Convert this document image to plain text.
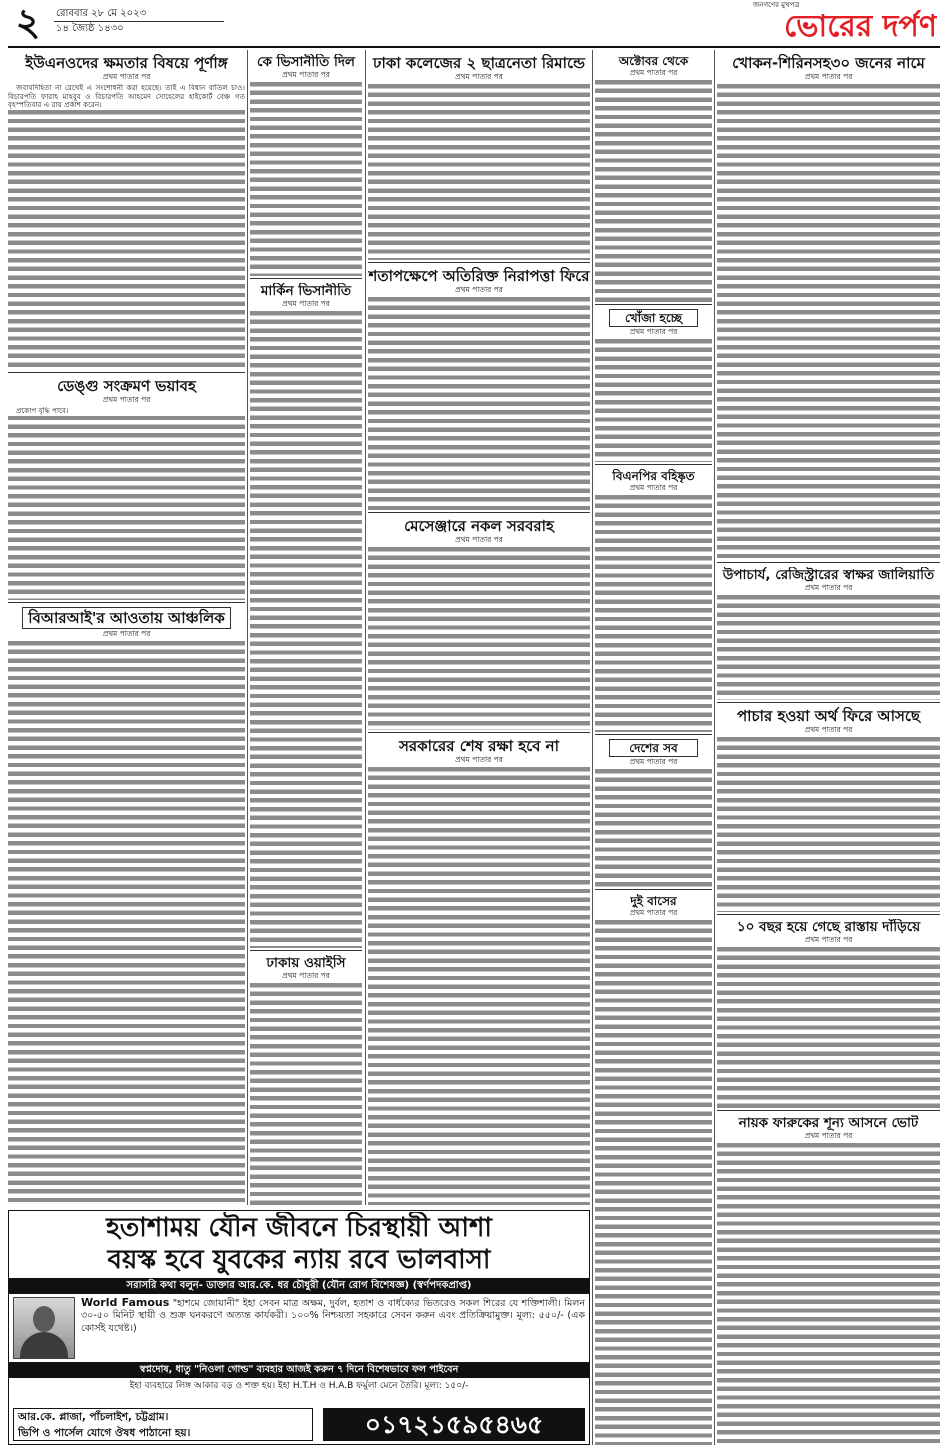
২	রোববার ২৮ মে ২০২৩
১৪ জ্যৈষ্ঠ ১৪৩০
জনগণের মুখপত্র
ভোরের দর্পণ
ইউএনওদের ক্ষমতার বিষয়ে পূর্ণাঙ্গ
প্রথম পাতার পর

জবাবদিহিতা না রেখেই এ সংশোধনী করা হয়েছে। তাই এ বিধান বাতিল চাও। বিচারপতি ফারাহ মাহবুব ও বিচারপতি আহমেদ সোহেলের হাইকোর্ট বেঞ্চ গত বৃহস্পতিবার এ রায় প্রকাশ করেন।

ডেঙ্গু সংক্রমণ ভয়াবহ
প্রথম পাতার পর

প্রকোপ বৃদ্ধি পাবে।

বিআরআই'র আওতায় আঞ্চলিক
প্রথম পাতার পর
কে ভিসানীতি দিল
প্রথম পাতার পর
মার্কিন ভিসানীতি
প্রথম পাতার পর
ঢাকায় ওয়াইসি
প্রথম পাতার পর
ঢাকা কলেজের ২ ছাত্রনেতা রিমান্ডে
প্রথম পাতার পর
শতাপক্ষেপে অতিরিক্ত নিরাপত্তা ফিরে
প্রথম পাতার পর
মেসেঞ্জারে নকল সরবরাহ
প্রথম পাতার পর
সরকারের শেষ রক্ষা হবে না
প্রথম পাতার পর
অক্টোবর থেকে
প্রথম পাতার পর
খোঁজা হচ্ছে
প্রথম পাতার পর
বিএনপির বহিষ্কৃত
প্রথম পাতার পর
দেশের সব
প্রথম পাতার পর
দুই বাসের
প্রথম পাতার পর
খোকন-শিরিনসহ৩০ জনের নামে
প্রথম পাতার পর
উপাচার্য, রেজিস্ট্রারের স্বাক্ষর জালিয়াতি
প্রথম পাতার পর
পাচার হওয়া অর্থ ফিরে আসছে
প্রথম পাতার পর
১০ বছর হয়ে গেছে রাস্তায় দাঁড়িয়ে
প্রথম পাতার পর
নায়ক ফারুকের শূন্য আসনে ভোট
প্রথম পাতার পর
হতাশাময় যৌন জীবনে চিরস্থায়ী আশা
বয়স্ক হবে যুবকের ন্যায় রবে ভালবাসা
সরাসরি কথা বলুন- ডাক্তার আর.কে. ধর চৌধুরী (যৌন রোগ বিশেষজ্ঞ) (স্বর্ণপদকপ্রাপ্ত)
World Famous "হাশমে জোয়ানী" ইহা সেবন মাত্র অক্ষম, দুর্বল, হতাশ ও বার্ধক্যের ভিতরেও সকল শিরের যে শক্তিশালী। মিলন ৩০-৫০ মিনিট স্থায়ী ও শুক্র ঘনকরণে অত্যন্ত কার্যকরী। ১০০% নিশ্চয়তা সহকারে সেবন করুন এবং প্রতিক্রিয়ামুক্ত। মূল্য: ৫৫০/- (এক কোর্সই যথেষ্ট।)
স্বপ্নদোষ, ধাতু "নিওলা গোল্ড" ব্যবহার আজই করুন ৭ দিনে বিশেষভাবে ফল পাইবেন
ইহা ব্যবহারে লিঙ্গ আকার বড় ও শক্ত হয়। ইহা H.T.H ও H.A.B ফর্মুলা মেনে তৈরি। মূল্য: ১৫০/-
আর.কে. প্লাজা, পাঁচলাইশ, চট্টগ্রাম।
ভিপি ও পার্সেল যোগে ঔষধ পাঠানো হয়।	০১৭২১৫৯৫৪৬৫
